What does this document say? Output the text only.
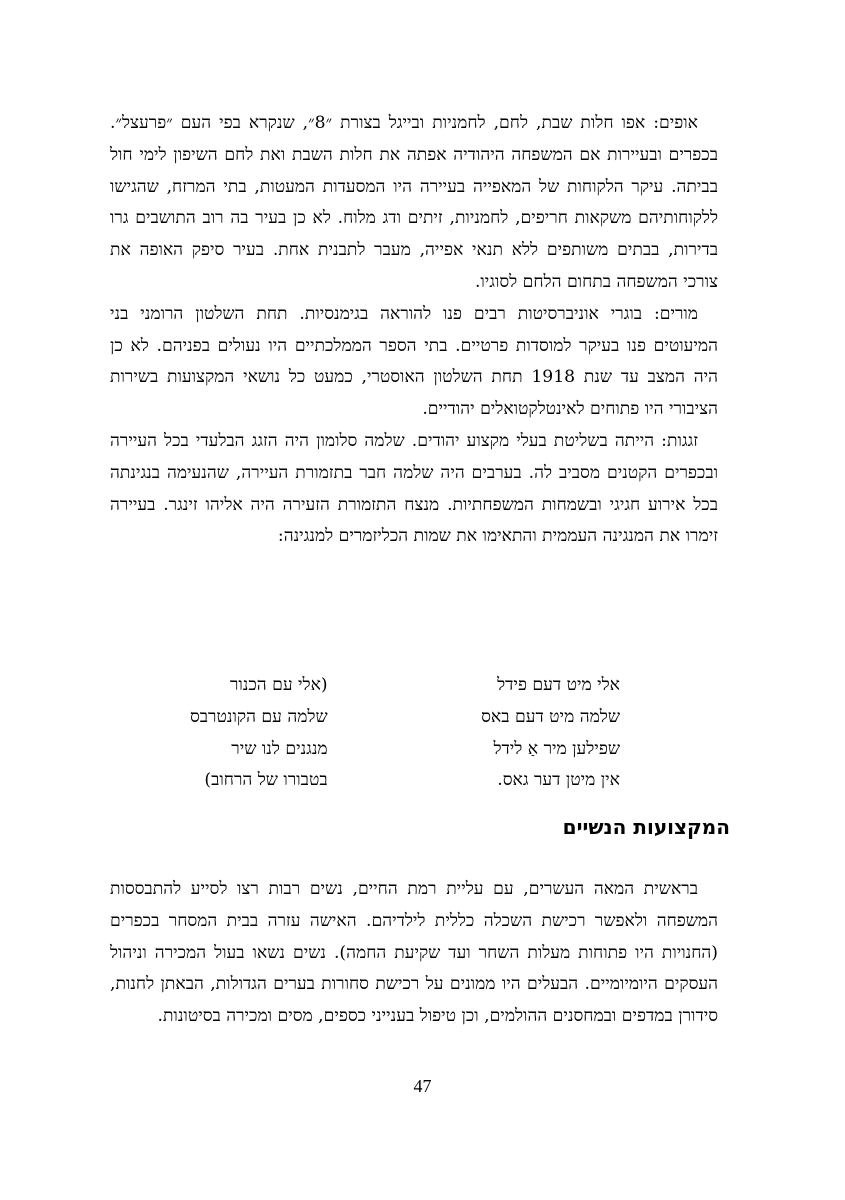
אופים: אפו חלות שבת, לחם, לחמניות ובייגל בצורת ״8״, שנקרא בפי העם ״פרעצל״. בכפרים ובעיירות אם המשפחה היהודיה אפתה את חלות השבת ואת לחם השיפון לימי חול בביתה. עיקר הלקוחות של המאפייה בעיירה היו המסעדות המעטות, בתי המרזח, שהגישו ללקוחותיהם משקאות חריפים, לחמניות, זיתים ודג מלוח. לא כן בעיר בה רוב התושבים גרו בדירות, בבתים משותפים ללא תנאי אפייה, מעבר לתבנית אחת. בעיר סיפק האופה את צורכי המשפחה בתחום הלחם לסוגיו.

מורים: בוגרי אוניברסיטות רבים פנו להוראה בגימנסיות. תחת השלטון הרומני בני המיעוטים פנו בעיקר למוסדות פרטיים. בתי הספר הממלכתיים היו נעולים בפניהם. לא כן היה המצב עד שנת 1918 תחת השלטון האוסטרי, כמעט כל נושאי המקצועות בשירות הציבורי היו פתוחים לאינטלקטואלים יהודיים.

זגגות: הייתה בשליטת בעלי מקצוע יהודים. שלמה סלומון היה הזגג הבלעדי בכל העיירה ובכפרים הקטנים מסביב לה. בערבים היה שלמה חבר בתזמורת העיירה, שהנעימה בנגינתה בכל אירוע חגיגי ובשמחות המשפחתיות. מנצח התזמורת הזעירה היה אליהו זינגר. בעיירה זימרו את המנגינה העממית והתאימו את שמות הכליזמרים למנגינה:

אלי מיט דעם פידל
שלמה מיט דעם באס
שפילען מיר אַ לידל
אין מיטן דער גאס.
(אלי עם הכנור
שלמה עם הקונטרבס
מנגנים לנו שיר
בטבורו של הרחוב)
המקצועות הנשיים

בראשית המאה העשרים, עם עליית רמת החיים, נשים רבות רצו לסייע להתבססות המשפחה ולאפשר רכישת השכלה כללית לילדיהם. האישה עזרה בבית המסחר בכפרים (החנויות היו פתוחות מעלות השחר ועד שקיעת החמה). נשים נשאו בעול המכירה וניהול העסקים היומיומיים. הבעלים היו ממונים על רכישת סחורות בערים הגדולות, הבאתן לחנות, סידורן במדפים ובמחסנים ההולמים, וכן טיפול בענייני כספים, מסים ומכירה בסיטונות.

47
